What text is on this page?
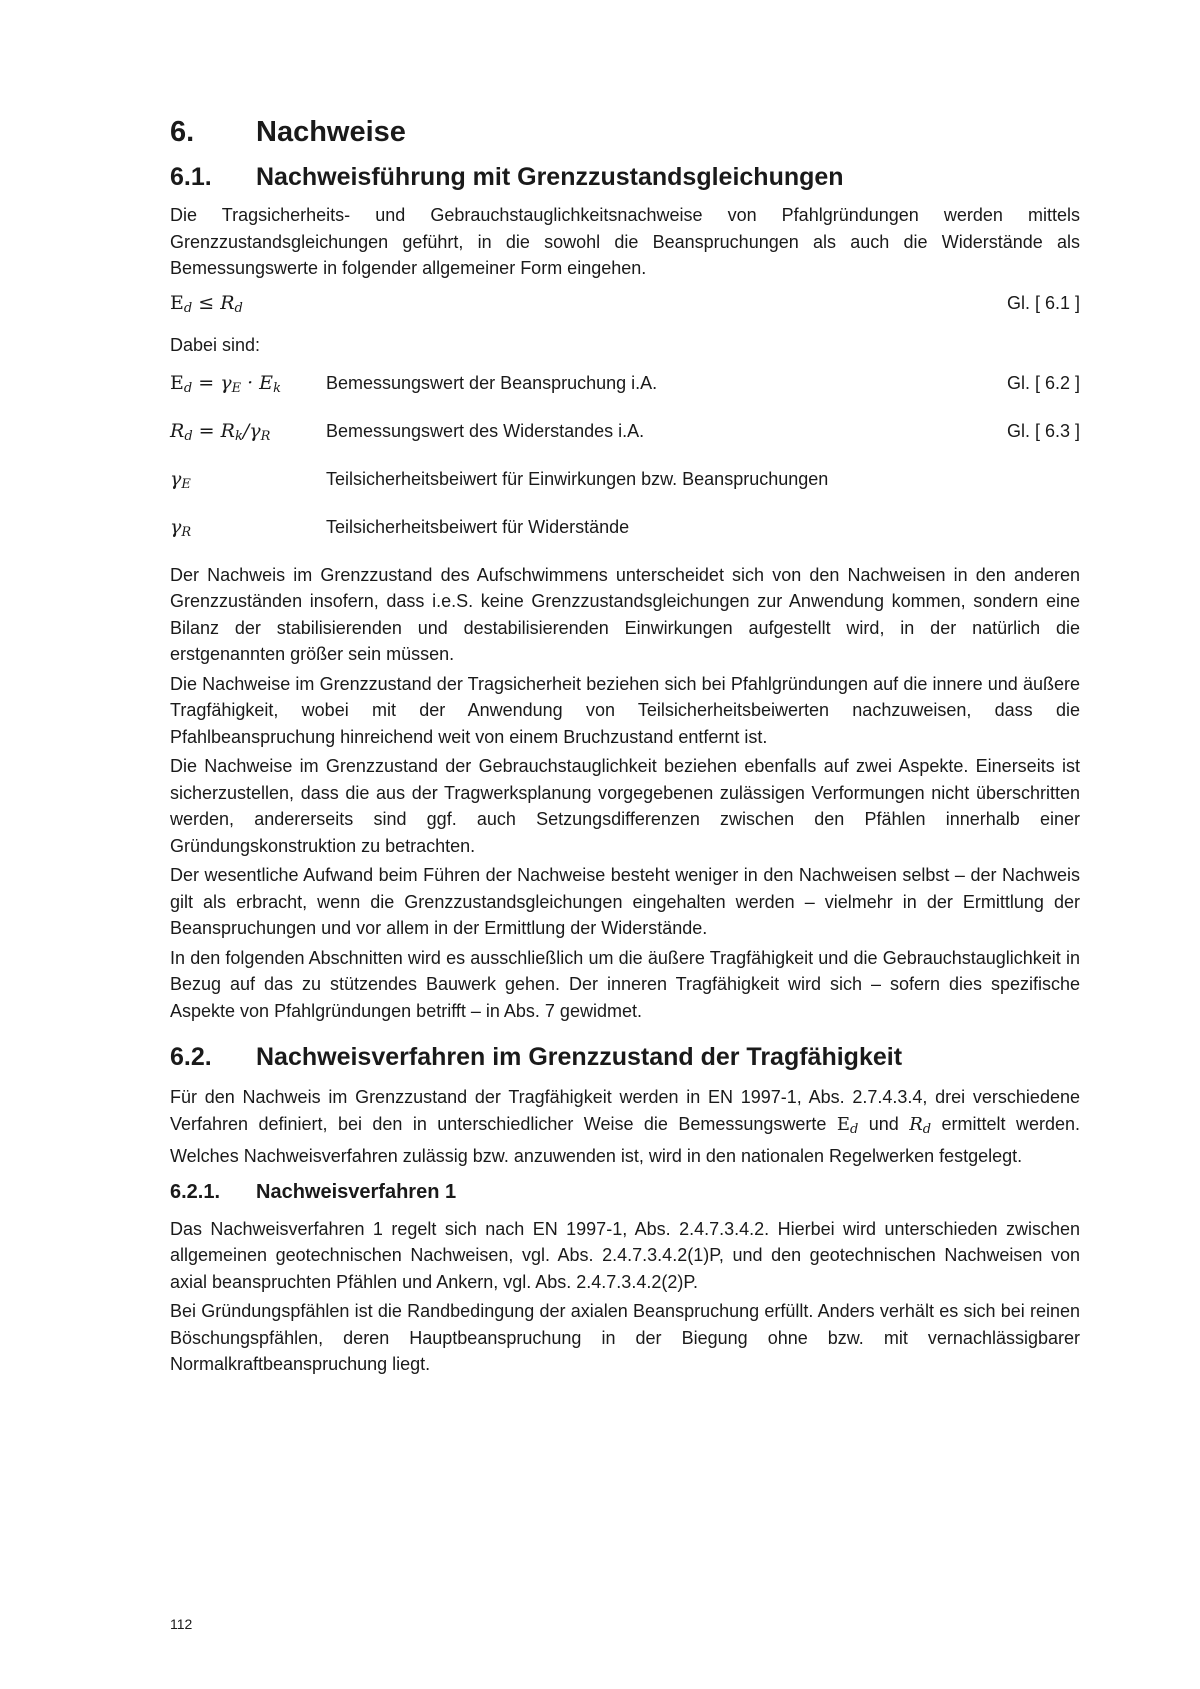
6.	Nachweise
6.1.	Nachweisführung mit Grenzzustandsgleichungen

Die Tragsicherheits- und Gebrauchstauglichkeitsnachweise von Pfahlgründungen werden mittels Grenzzustandsgleichungen geführt, in die sowohl die Beanspruchungen als auch die Widerstände als Bemessungswerte in folgender allgemeiner Form eingehen.

$E_d \le R_d$	Gl. [ 6.1 ]
Dabei sind:
$E_d = \gamma_E \cdot E_k$	Bemessungswert der Beanspruchung i.A.	Gl. [ 6.2 ]
$R_d = R_k/\gamma_R$	Bemessungswert des Widerstandes i.A.	Gl. [ 6.3 ]
$\gamma_E$	Teilsicherheitsbeiwert für Einwirkungen bzw. Beanspruchungen
$\gamma_R$	Teilsicherheitsbeiwert für Widerstände

Der Nachweis im Grenzzustand des Aufschwimmens unterscheidet sich von den Nachweisen in den anderen Grenzzuständen insofern, dass i.e.S. keine Grenzzustandsgleichungen zur Anwendung kommen, sondern eine Bilanz der stabilisierenden und destabilisierenden Einwirkungen aufgestellt wird, in der natürlich die erstgenannten größer sein müssen.

Die Nachweise im Grenzzustand der Tragsicherheit beziehen sich bei Pfahlgründungen auf die innere und äußere Tragfähigkeit, wobei mit der Anwendung von Teilsicherheitsbeiwerten nachzuweisen, dass die Pfahlbeanspruchung hinreichend weit von einem Bruchzustand entfernt ist.

Die Nachweise im Grenzzustand der Gebrauchstauglichkeit beziehen ebenfalls auf zwei Aspekte. Einerseits ist sicherzustellen, dass die aus der Tragwerksplanung vorgegebenen zulässigen Verformungen nicht überschritten werden, andererseits sind ggf. auch Setzungsdifferenzen zwischen den Pfählen innerhalb einer Gründungskonstruktion zu betrachten.

Der wesentliche Aufwand beim Führen der Nachweise besteht weniger in den Nachweisen selbst – der Nachweis gilt als erbracht, wenn die Grenzzustandsgleichungen eingehalten werden – vielmehr in der Ermittlung der Beanspruchungen und vor allem in der Ermittlung der Widerstände.

In den folgenden Abschnitten wird es ausschließlich um die äußere Tragfähigkeit und die Gebrauchstauglichkeit in Bezug auf das zu stützendes Bauwerk gehen. Der inneren Tragfähigkeit wird sich – sofern dies spezifische Aspekte von Pfahlgründungen betrifft – in Abs. 7 gewidmet.

6.2.	Nachweisverfahren im Grenzzustand der Tragfähigkeit

Für den Nachweis im Grenzzustand der Tragfähigkeit werden in EN 1997-1, Abs. 2.7.4.3.4, drei verschiedene Verfahren definiert, bei den in unterschiedlicher Weise die Bemessungswerte $E_d$ und $R_d$ ermittelt werden. Welches Nachweisverfahren zulässig bzw. anzuwenden ist, wird in den nationalen Regelwerken festgelegt.

6.2.1.	Nachweisverfahren 1

Das Nachweisverfahren 1 regelt sich nach EN 1997-1, Abs. 2.4.7.3.4.2. Hierbei wird unterschieden zwischen allgemeinen geotechnischen Nachweisen, vgl. Abs. 2.4.7.3.4.2(1)P, und den geotechnischen Nachweisen von axial beanspruchten Pfählen und Ankern, vgl. Abs. 2.4.7.3.4.2(2)P.

Bei Gründungspfählen ist die Randbedingung der axialen Beanspruchung erfüllt. Anders verhält es sich bei reinen Böschungspfählen, deren Hauptbeanspruchung in der Biegung ohne bzw. mit vernachlässigbarer Normalkraftbeanspruchung liegt.

112
